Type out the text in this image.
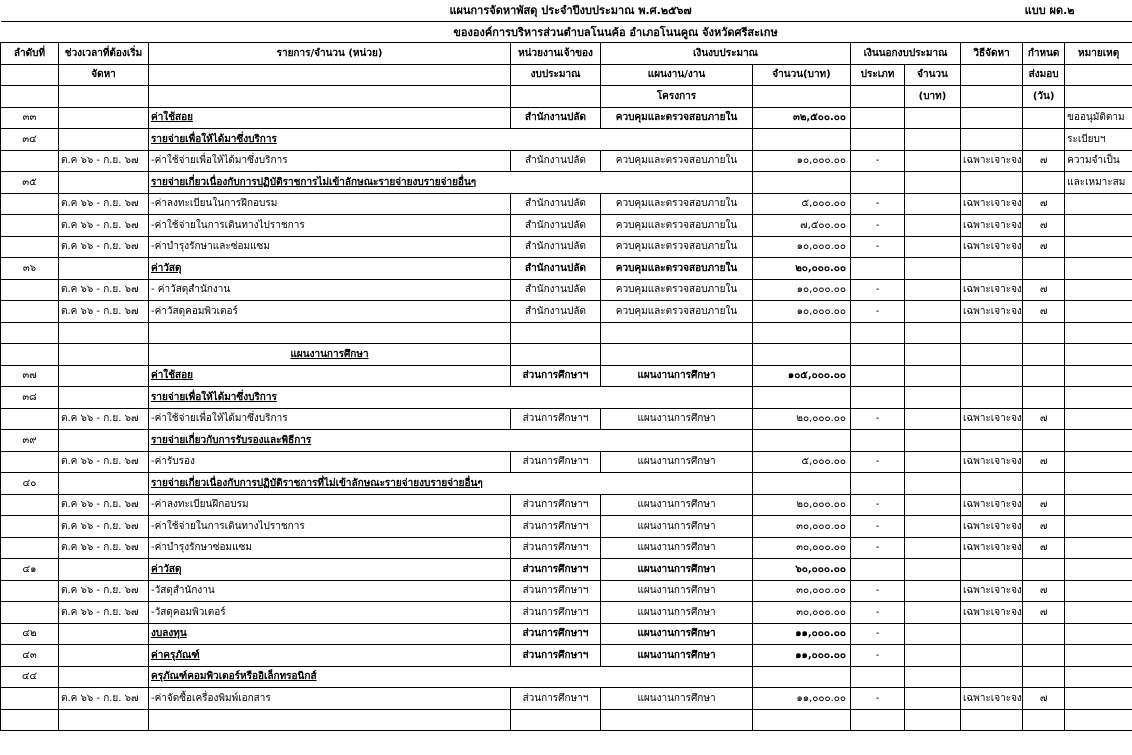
แผนการจัดหาพัสดุ ประจำปีงบประมาณ พ.ศ.๒๕๖๗									แบบ ผด.๒	
ขององค์การบริหารส่วนตำบลโนนค้อ อำเภอโนนคูณ จังหวัดศรีสะเกษ										
ลำดับที่	ช่วงเวลาที่ต้องเริ่ม	รายการ/จำนวน (หน่วย)	หน่วยงานเจ้าของ	เงินงบประมาณ		เงินนอกงบประมาณ		วิธีจัดหา	กำหนด	หมายเหตุ
	จัดหา		งบประมาณ	แผนงาน/งาน	จำนวน(บาท)	ประเภท	จำนวน		ส่งมอบ	
				โครงการ			(บาท)		(วัน)	
๓๓		ค่าใช้สอย	สำนักงานปลัด	ควบคุมและตรวจสอบภายใน	๓๒,๕๐๐.๐๐					ขออนุมัติตาม
๓๔		รายจ่ายเพื่อให้ได้มาซึ่งบริการ								ระเบียบฯ
	ต.ค ๖๖ - ก.ย. ๖๗	-ค่าใช้จ่ายเพื่อให้ได้มาซึ่งบริการ	สำนักงานปลัด	ควบคุมและตรวจสอบภายใน	๑๐,๐๐๐.๐๐	-		เฉพาะเจาะจง	๗	ความจำเป็น
๓๕		รายจ่ายเกี่ยวเนื่องกับการปฏิบัติราชการไม่เข้าลักษณะรายจ่ายงบรายจ่ายอื่นๆ								และเหมาะสม
	ต.ค ๖๖ - ก.ย. ๖๗	-ค่าลงทะเบียนในการฝึกอบรม	สำนักงานปลัด	ควบคุมและตรวจสอบภายใน	๕,๐๐๐.๐๐	-		เฉพาะเจาะจง	๗	
	ต.ค ๖๖ - ก.ย. ๖๗	-ค่าใช้จ่ายในการเดินทางไปราชการ	สำนักงานปลัด	ควบคุมและตรวจสอบภายใน	๗,๕๐๐.๐๐	-		เฉพาะเจาะจง	๗	
	ต.ค ๖๖ - ก.ย. ๖๗	-ค่าบำรุงรักษาและซ่อมแซม	สำนักงานปลัด	ควบคุมและตรวจสอบภายใน	๑๐,๐๐๐.๐๐	-		เฉพาะเจาะจง	๗	
๓๖		ค่าวัสดุ	สำนักงานปลัด	ควบคุมและตรวจสอบภายใน	๒๐,๐๐๐.๐๐					
	ต.ค ๖๖ - ก.ย. ๖๗	- ค่าวัสดุสำนักงาน	สำนักงานปลัด	ควบคุมและตรวจสอบภายใน	๑๐,๐๐๐.๐๐	-		เฉพาะเจาะจง	๗	
	ต.ค ๖๖ - ก.ย. ๖๗	-ค่าวัสดุคอมพิวเตอร์	สำนักงานปลัด	ควบคุมและตรวจสอบภายใน	๑๐,๐๐๐.๐๐	-		เฉพาะเจาะจง	๗	

		แผนงานการศึกษา								
๓๗		ค่าใช้สอย	ส่วนการศึกษาฯ	แผนงานการศึกษา	๑๐๕,๐๐๐.๐๐					
๓๘		รายจ่ายเพื่อให้ได้มาซึ่งบริการ								
	ต.ค ๖๖ - ก.ย. ๖๗	-ค่าใช้จ่ายเพื่อให้ได้มาซึ่งบริการ	ส่วนการศึกษาฯ	แผนงานการศึกษา	๒๐,๐๐๐.๐๐	-		เฉพาะเจาะจง	๗	
๓๙		รายจ่ายเกี่ยวกับการรับรองและพิธีการ								
	ต.ค ๖๖ - ก.ย. ๖๗	-ค่ารับรอง	ส่วนการศึกษาฯ	แผนงานการศึกษา	๕,๐๐๐.๐๐	-		เฉพาะเจาะจง	๗	
๔๐		รายจ่ายเกี่ยวเนื่องกับการปฏิบัติราชการที่ไม่เข้าลักษณะรายจ่ายงบรายจ่ายอื่นๆ								
	ต.ค ๖๖ - ก.ย. ๖๗	-ค่าลงทะเบียนฝึกอบรม	ส่วนการศึกษาฯ	แผนงานการศึกษา	๒๐,๐๐๐.๐๐	-		เฉพาะเจาะจง	๗	
	ต.ค ๖๖ - ก.ย. ๖๗	-ค่าใช้จ่ายในการเดินทางไปราชการ	ส่วนการศึกษาฯ	แผนงานการศึกษา	๓๐,๐๐๐.๐๐	-		เฉพาะเจาะจง	๗	
	ต.ค ๖๖ - ก.ย. ๖๗	-ค่าบำรุงรักษาซ่อมแซม	ส่วนการศึกษาฯ	แผนงานการศึกษา	๓๐,๐๐๐.๐๐	-		เฉพาะเจาะจง	๗	
๔๑		ค่าวัสดุ	ส่วนการศึกษาฯ	แผนงานการศึกษา	๖๐,๐๐๐.๐๐					
	ต.ค ๖๖ - ก.ย. ๖๗	-วัสดุสำนักงาน	ส่วนการศึกษาฯ	แผนงานการศึกษา	๓๐,๐๐๐.๐๐	-		เฉพาะเจาะจง	๗	
	ต.ค ๖๖ - ก.ย. ๖๗	-วัสดุคอมพิวเตอร์	ส่วนการศึกษาฯ	แผนงานการศึกษา	๓๐,๐๐๐.๐๐	-		เฉพาะเจาะจง	๗	
๔๒		งบลงทุน	ส่วนการศึกษาฯ	แผนงานการศึกษา	๑๑,๐๐๐.๐๐	-				
๔๓		ค่าครุภัณฑ์	ส่วนการศึกษาฯ	แผนงานการศึกษา	๑๑,๐๐๐.๐๐	-				
๔๔		ครุภัณฑ์คอมพิวเตอร์หรืออิเล็กทรอนิกส์								
	ต.ค ๖๖ - ก.ย. ๖๗	-ค่าจัดซื้อเครื่องพิมพ์เอกสาร	ส่วนการศึกษาฯ	แผนงานการศึกษา	๑๑,๐๐๐.๐๐	-		เฉพาะเจาะจง	๗	
